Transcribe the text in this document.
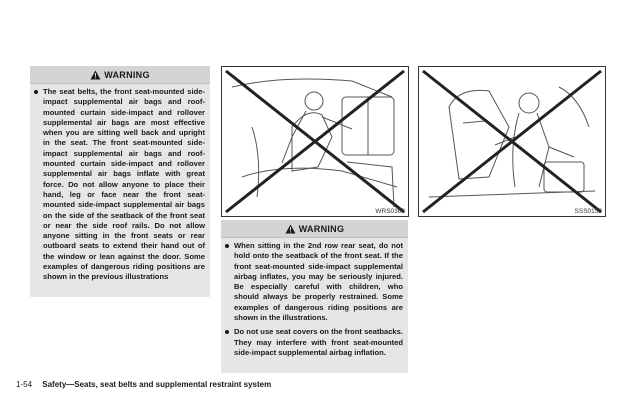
WARNING
The seat belts, the front seat-mounted side-impact supplemental air bags and roof-mounted curtain side-impact and rollover supplemental air bags are most effective when you are sitting well back and upright in the seat. The front seat-mounted side-impact supplemental air bags and roof-mounted curtain side-impact and rollover supplemental air bags inflate with great force. Do not allow anyone to place their hand, leg or face near the front seat-mounted side-impact supplemental air bags on the side of the seatback of the front seat or near the side roof rails. Do not allow anyone sitting in the front seats or rear outboard seats to extend their hand out of the window or lean against the door. Some examples of dangerous riding positions are shown in the previous illustrations
WRS0363	SSS0159
WARNING
When sitting in the 2nd row rear seat, do not hold onto the seatback of the front seat. If the front seat-mounted side-impact supplemental airbag inflates, you may be seriously injured. Be especially careful with children, who should always be properly restrained. Some examples of dangerous riding positions are shown in the illustrations.
Do not use seat covers on the front seatbacks. They may interfere with front seat-mounted side-impact supplemental airbag inflation.
1-54 Safety—Seats, seat belts and supplemental restraint system
